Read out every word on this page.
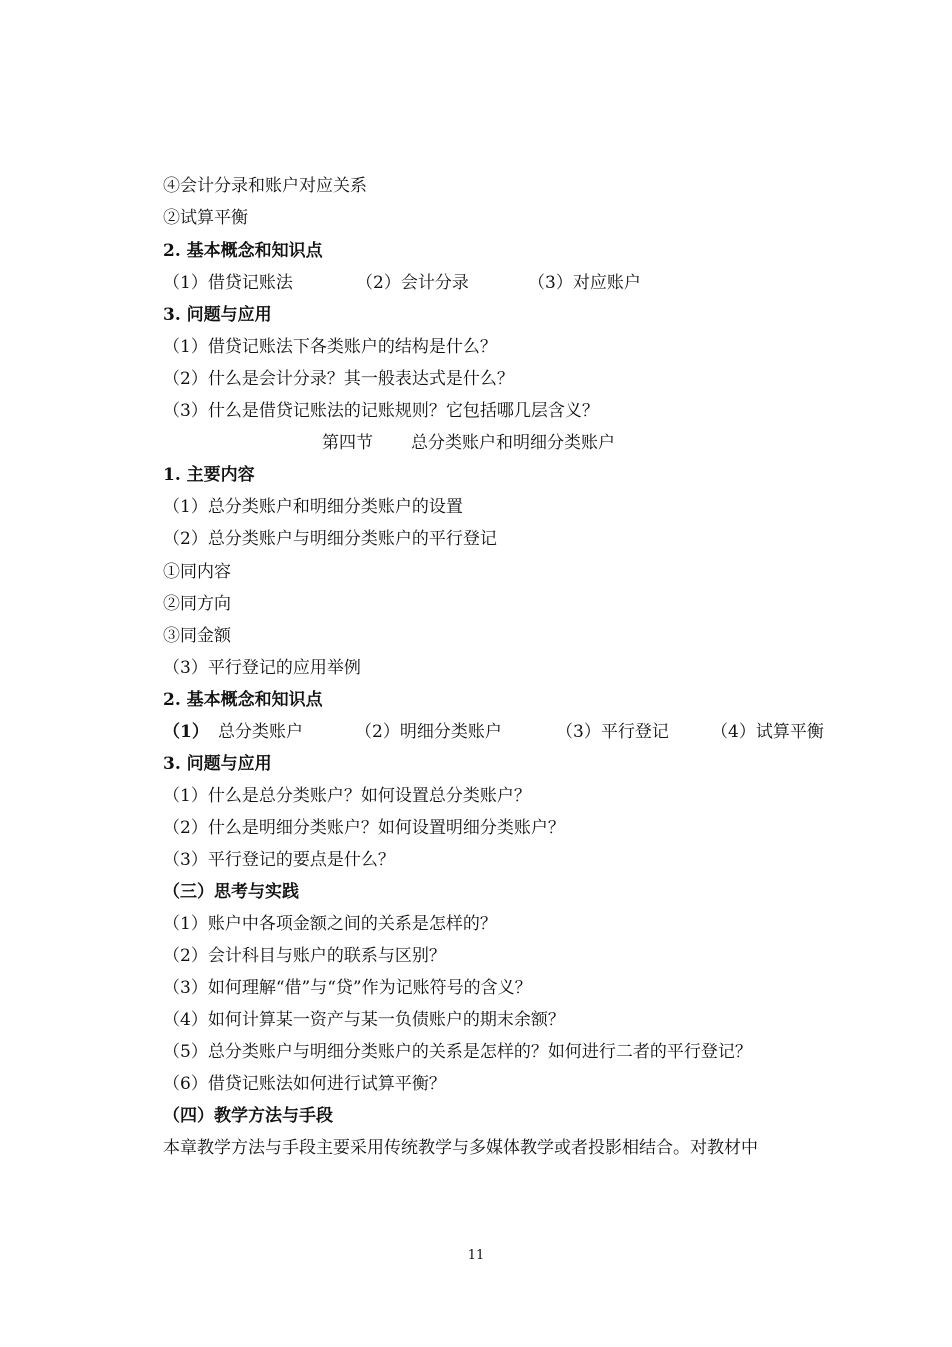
④会计分录和账户对应关系
②试算平衡
2. 基本概念和知识点
（1）借贷记账法	（2）会计分录	（3）对应账户
3. 问题与应用
（1）借贷记账法下各类账户的结构是什么？
（2）什么是会计分录？其一般表达式是什么？
（3）什么是借贷记账法的记账规则？它包括哪几层含义？
第四节 总分类账户和明细分类账户
1. 主要内容
（1）总分类账户和明细分类账户的设置
（2）总分类账户与明细分类账户的平行登记
①同内容
②同方向
③同金额
（3）平行登记的应用举例
2. 基本概念和知识点
（1） 总分类账户	（2）明细分类账户	（3）平行登记 （4）试算平衡
3. 问题与应用
（1）什么是总分类账户？如何设置总分类账户？
（2）什么是明细分类账户？如何设置明细分类账户？
（3）平行登记的要点是什么？
（三）思考与实践
（1）账户中各项金额之间的关系是怎样的？
（2）会计科目与账户的联系与区别？
（3）如何理解“借”与“贷”作为记账符号的含义？
（4）如何计算某一资产与某一负债账户的期末余额？
（5）总分类账户与明细分类账户的关系是怎样的？如何进行二者的平行登记？
（6）借贷记账法如何进行试算平衡？
（四）教学方法与手段
本章教学方法与手段主要采用传统教学与多媒体教学或者投影相结合。对教材中
11
